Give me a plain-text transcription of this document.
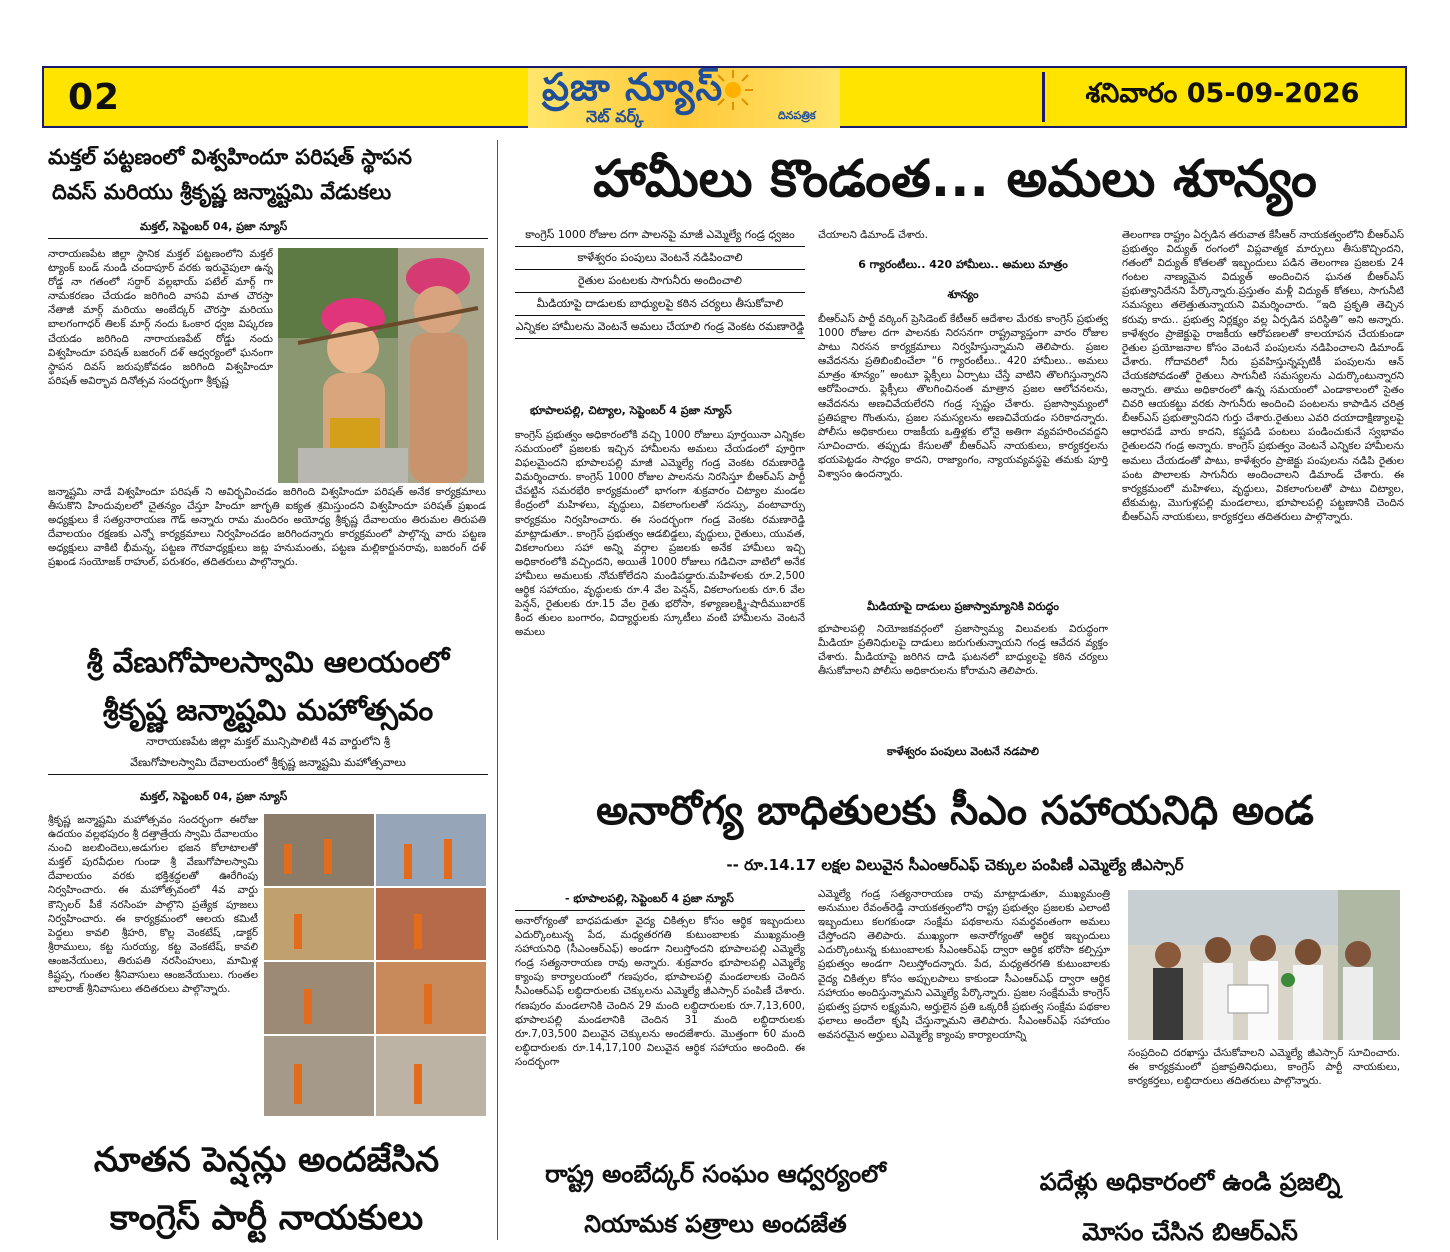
02	ప్రజా న్యూస్
నెట్ వర్క్	దినపత్రిక
శనివారం 05-09-2026
మక్తల్ పట్టణంలో విశ్వహిందూ పరిషత్ స్థాపన
దివస్ మరియు శ్రీకృష్ణ జన్మాష్టమి వేడుకలు
మక్తల్, సెప్టెంబర్ 04, ప్రజా న్యూస్
నారాయణపేట జిల్లా స్థానిక మక్తల్ పట్టణంలోని మక్తల్ ట్యాంక్ బండ్ నుండి చందాపూర్ వరకు ఇరువైపులా ఉన్న రోడ్డ నా గతంలో సర్దార్ వల్లభాయ్ పటేల్ మార్గ్ గా నామకరణం చేయడం జరిగింది వాసవి మాత చౌరస్తా నేతాజీ మార్గ్ మరియు అంబేద్కర్ చౌరస్తా మరియు బాలగంగాధర్ తిలక్ మార్గ్ నందు ఓంకార ధ్వజ విష్కరణ చేయడం జరిగింది నారాయణపేట్ రోడ్డు నందు విశ్వహిందూ పరిషత్ బజరంగ్ దళ్ ఆధ్వర్యంలో ఘనంగా స్థాపన దివస్ జరుపుకోవడం జరిగింది విశ్వహిందూ పరిషత్ అవిర్భావ దినోత్సవ సందర్భంగా శ్రీకృష్ణ
జన్మాష్టమి నాడే విశ్వహిందూ పరిషత్ ని అవిర్భవించడం జరిగింది విశ్వహిందూ పరిషత్ అనేక కార్యక్రమాలు తీసుకొని హిందువులలో చైతన్యం చేస్తూ హిందూ జాగృతి ఐక్యత శ్రమిస్తుందని విశ్వహిందూ పరిషత్ ప్రఖండ అధ్యక్షులు కే సత్యనారాయణ గౌడ్ అన్నారు రామ మందిరం అయోధ్య శ్రీకృష్ణ దేవాలయం తిరుమల తిరుపతి దేవాలయం రక్షణకు ఎన్నో కార్యక్రమాలు నిర్వహించడం జరిగిందన్నారు కార్యక్రమంలో పాల్గొన్న వారు పట్టణ అధ్యక్షులు వాకిటి భీమన్న, పట్టణ గౌరవాధ్యక్షులు జట్ల హనుమంతు, పట్టణ మల్లికార్జునరావు, బజరంగ్ దళ్ ప్రఖండ సంయోజక్ రాహుల్, పరుశరం, తదితరులు పాల్గొన్నారు.
శ్రీ వేణుగోపాలస్వామి ఆలయంలో
శ్రీకృష్ణ జన్మాష్టమి మహోత్సవం
నారాయణపేట జిల్లా మక్తల్ మున్సిపాలిటీ 4వ వార్డులోని శ్రీ
వేణుగోపాలస్వామి దేవాలయంలో శ్రీకృష్ణ జన్మాష్టమి మహోత్సవాలు
మక్తల్, సెప్టెంబర్ 04, ప్రజా న్యూస్
శ్రీకృష్ణ జన్మాష్టమి మహోత్సవం సందర్భంగా ఈరోజు ఉదయం వల్లభపురం శ్రీ దత్తాత్రేయ స్వామి దేవాలయం నుంచి జలబిందెలు,అడుగుల భజన కోలాటాలతో మక్తల్ పురవీధుల గుండా శ్రీ వేణుగోపాలస్వామి దేవాలయం వరకు భక్తిశ్రద్ధలతో ఊరేగింపు నిర్వహించారు. ఈ మహోత్సవంలో 4వ వార్డు కౌన్సిలర్ పీకే నరసింహ పాల్గొని ప్రత్యేక పూజలు నిర్వహించారు. ఈ కార్యక్రమంలో ఆలయ కమిటీ పెద్దలు కావలి శ్రీహరి, కొల్ల వెంకటేష్ ,డాక్టర్ శ్రీరాములు, కట్ట సురయ్య, కట్ట వెంకటేష్, కావలి ఆంజనేయులు, తిరుపతి నరసింహులు, మామిళ్ల కిష్టప్ప, గుంతల శ్రీనివాసులు ఆంజనేయులు. గుంతల బాలరాజ్ శ్రీనివాసులు తదితరులు పాల్గొన్నారు.
నూతన పెన్షన్లు అందజేసిన
కాంగ్రెస్ పార్టీ నాయకులు
హామీలు కొండంత... అమలు శూన్యం
కాంగ్రెస్ 1000 రోజుల దగా పాలనపై మాజీ ఎమ్మెల్యే గండ్ర ధ్వజం
కాళేశ్వరం పంపులు వెంటనే నడిపించాలి
రైతుల పంటలకు సాగునీరు అందించాలి
మీడియాపై దాడులకు బాధ్యులపై కఠిన చర్యలు తీసుకోవాలి
ఎన్నికల హామీలను వెంటనే అమలు చేయాలి గండ్ర వెంకట రమణారెడ్డి
భూపాలపల్లి, చిట్యాల, సెప్టెంబర్ 4 ప్రజా న్యూస్
కాంగ్రెస్ ప్రభుత్వం అధికారంలోకి వచ్చి 1000 రోజులు పూర్తయినా ఎన్నికల సమయంలో ప్రజలకు ఇచ్చిన హామీలను అమలు చేయడంలో పూర్తిగా విఫలమైందని భూపాలపల్లి మాజీ ఎమ్మెల్యే గండ్ర వెంకట రమణారెడ్డి విమర్శించారు. కాంగ్రెస్ 1000 రోజుల పాలనను నిరసిస్తూ బీఆర్ఎస్ పార్టీ చేపట్టిన సమరభేరి కార్యక్రమంలో భాగంగా శుక్రవారం చిట్యాల మండల కేంద్రంలో మహిళలు, వృద్ధులు, వికలాంగులతో సదస్సు, వంటావార్పు కార్యక్రమం నిర్వహించారు. ఈ సందర్భంగా గండ్ర వెంకట రమణారెడ్డి మాట్లాడుతూ.. కాంగ్రెస్ ప్రభుత్వం ఆడబిడ్డలు, వృద్ధులు, రైతులు, యువత, వికలాంగులు సహా అన్ని వర్గాల ప్రజలకు అనేక హామీలు ఇచ్చి అధికారంలోకి వచ్చిందని, అయితే 1000 రోజులు గడిచినా వాటిలో అనేక హామీలు అమలుకు నోచుకోలేదని మండిపడ్డారు.మహిళలకు రూ.2,500 ఆర్థిక సహాయం, వృద్ధులకు రూ.4 వేల పెన్షన్, వికలాంగులకు రూ.6 వేల పెన్షన్, రైతులకు రూ.15 వేల రైతు భరోసా, కళ్యాణలక్ష్మి-షాదీముబారక్ కింద తులం బంగారం, విద్యార్థులకు స్కూటీలు వంటి హామీలను వెంటనే అమలు
చేయాలని డిమాండ్ చేశారు.
6 గ్యారంటీలు.. 420 హామీలు.. అమలు మాత్రం
శూన్యం
బీఆర్ఎస్ పార్టీ వర్కింగ్ ప్రెసిడెంట్ కేటీఆర్ ఆదేశాల మేరకు కాంగ్రెస్ ప్రభుత్వ 1000 రోజుల దగా పాలనకు నిరసనగా రాష్ట్రవ్యాప్తంగా వారం రోజుల పాటు నిరసన కార్యక్రమాలు నిర్వహిస్తున్నామని తెలిపారు. ప్రజల ఆవేదనను ప్రతిబింబించేలా “6 గ్యారంటీలు.. 420 హామీలు.. అమలు మాత్రం శూన్యం” అంటూ ఫ్లెక్సీలు ఏర్పాటు చేస్తే వాటిని తొలగిస్తున్నారని ఆరోపించారు. ఫ్లెక్సీలు తొలగించినంత మాత్రాన ప్రజల ఆలోచనలను, ఆవేదనను అణచివేయలేరని గండ్ర స్పష్టం చేశారు. ప్రజాస్వామ్యంలో ప్రతిపక్షాల గొంతును, ప్రజల సమస్యలను అణచివేయడం సరికాదన్నారు. పోలీసు అధికారులు రాజకీయ ఒత్తిళ్లకు లోనై అతిగా వ్యవహరించవద్దని సూచించారు. తప్పుడు కేసులతో బీఆర్ఎస్ నాయకులు, కార్యకర్తలను భయపెట్టడం సాధ్యం కాదని, రాజ్యాంగం, న్యాయవ్యవస్థపై తమకు పూర్తి విశ్వాసం ఉందన్నారు.
మీడియాపై దాడులు ప్రజాస్వామ్యానికి విరుద్ధం
భూపాలపల్లి నియోజకవర్గంలో ప్రజాస్వామ్య విలువలకు విరుద్ధంగా మీడియా ప్రతినిధులపై దాడులు జరుగుతున్నాయని గండ్ర ఆవేదన వ్యక్తం చేశారు. మీడియాపై జరిగిన దాడి ఘటనలో బాధ్యులపై కఠిన చర్యలు తీసుకోవాలని పోలీసు అధికారులను కోరామని తెలిపారు.
కాళేశ్వరం పంపులు వెంటనే నడపాలి
తెలంగాణ రాష్ట్రం ఏర్పడిన తరువాత కేసీఆర్ నాయకత్వంలోని బీఆర్ఎస్ ప్రభుత్వం విద్యుత్ రంగంలో విప్లవాత్మక మార్పులు తీసుకొచ్చిందని, గతంలో విద్యుత్ కోతలతో ఇబ్బందులు పడిన తెలంగాణ ప్రజలకు 24 గంటల నాణ్యమైన విద్యుత్ అందించిన ఘనత బీఆర్ఎస్ ప్రభుత్వానిదేనని పేర్కొన్నారు.ప్రస్తుతం మళ్లీ విద్యుత్ కోతలు, సాగునీటి సమస్యలు తలెత్తుతున్నాయని విమర్శించారు. “ఇది ప్రకృతి తెచ్చిన కరువు కాదు.. ప్రభుత్వ నిర్లక్ష్యం వల్ల ఏర్పడిన పరిస్థితి” అని అన్నారు. కాళేశ్వరం ప్రాజెక్టుపై రాజకీయ ఆరోపణలతో కాలయాపన చేయకుండా రైతుల ప్రయోజనాల కోసం వెంటనే పంపులను నడిపించాలని డిమాండ్ చేశారు. గోదావరిలో నీరు ప్రవహిస్తున్నప్పటికీ పంపులను ఆన్ చేయకపోవడంతో రైతులు సాగునీటి సమస్యలను ఎదుర్కొంటున్నారని అన్నారు. తాము అధికారంలో ఉన్న సమయంలో ఎండాకాలంలో సైతం చివరి ఆయకట్టు వరకు సాగునీరు అందించి పంటలను కాపాడిన చరిత్ర బీఆర్ఎస్ ప్రభుత్వానిదని గుర్తు చేశారు.రైతులు ఎవరి దయాదాక్షిణ్యాలపై ఆధారపడే వారు కాదని, కష్టపడి పంటలు పండించుకునే స్వభావం రైతులదని గండ్ర అన్నారు. కాంగ్రెస్ ప్రభుత్వం వెంటనే ఎన్నికల హామీలను అమలు చేయడంతో పాటు, కాళేశ్వరం ప్రాజెక్టు పంపులను నడిపి రైతుల పంట పొలాలకు సాగునీరు అందించాలని డిమాండ్ చేశారు. ఈ కార్యక్రమంలో మహిళలు, వృద్ధులు, వికలాంగులతో పాటు చిట్యాల, టేకుమట్ల, మొగుళ్లపల్లి మండలాలు, భూపాలపల్లి పట్టణానికి చెందిన బీఆర్ఎస్ నాయకులు, కార్యకర్తలు తదితరులు పాల్గొన్నారు.
అనారోగ్య బాధితులకు సీఎం సహాయనిధి అండ
-- రూ.14.17 లక్షల విలువైన సీఎంఆర్ఎఫ్ చెక్కుల పంపిణీ ఎమ్మెల్యే జీఎస్సార్
- భూపాలపల్లి, సెప్టెంబర్ 4 ప్రజా న్యూస్
అనారోగ్యంతో బాధపడుతూ వైద్య చికిత్సల కోసం ఆర్థిక ఇబ్బందులు ఎదుర్కొంటున్న పేద, మధ్యతరగతి కుటుంబాలకు ముఖ్యమంత్రి సహాయనిధి (సీఎంఆర్ఎఫ్) అండగా నిలుస్తోందని భూపాలపల్లి ఎమ్మెల్యే గండ్ర సత్యనారాయణ రావు అన్నారు. శుక్రవారం భూపాలపల్లి ఎమ్మెల్యే క్యాంపు కార్యాలయంలో గణపురం, భూపాలపల్లి మండలాలకు చెందిన సీఎంఆర్ఎఫ్ లబ్ధిదారులకు చెక్కులను ఎమ్మెల్యే జీఎస్సార్ పంపిణీ చేశారు. గణపురం మండలానికి చెందిన 29 మంది లబ్ధిదారులకు రూ.7,13,600, భూపాలపల్లి మండలానికి చెందిన 31 మంది లబ్ధిదారులకు రూ.7,03,500 విలువైన చెక్కులను అందజేశారు. మొత్తంగా 60 మంది లబ్ధిదారులకు రూ.14,17,100 విలువైన ఆర్థిక సహాయం అందింది. ఈ సందర్భంగా
ఎమ్మెల్యే గండ్ర సత్యనారాయణ రావు మాట్లాడుతూ, ముఖ్యమంత్రి అనుముల రేవంత్‌రెడ్డి నాయకత్వంలోని రాష్ట్ర ప్రభుత్వం ప్రజలకు ఎలాంటి ఇబ్బందులు కలగకుండా సంక్షేమ పథకాలను సమర్థవంతంగా అమలు చేస్తోందని తెలిపారు. ముఖ్యంగా అనారోగ్యంతో ఆర్థిక ఇబ్బందులు ఎదుర్కొంటున్న కుటుంబాలకు సీఎంఆర్ఎఫ్ ద్వారా ఆర్థిక భరోసా కల్పిస్తూ ప్రభుత్వం అండగా నిలుస్తోందన్నారు. పేద, మధ్యతరగతి కుటుంబాలకు వైద్య చికిత్సల కోసం అప్పులపాలు కాకుండా సీఎంఆర్ఎఫ్ ద్వారా ఆర్థిక సహాయం అందిస్తున్నామని ఎమ్మెల్యే పేర్కొన్నారు. ప్రజల సంక్షేమమే కాంగ్రెస్ ప్రభుత్వ ప్రధాన లక్ష్యమని, అర్హులైన ప్రతి ఒక్కరికీ ప్రభుత్వ సంక్షేమ పథకాల ఫలాలు అందేలా కృషి చేస్తున్నామని తెలిపారు. సీఎంఆర్ఎఫ్ సహాయం అవసరమైన అర్హులు ఎమ్మెల్యే క్యాంపు కార్యాలయాన్ని
సంప్రదించి దరఖాస్తు చేసుకోవాలని ఎమ్మెల్యే జీఎస్సార్ సూచించారు. ఈ కార్యక్రమంలో ప్రజాప్రతినిధులు, కాంగ్రెస్ పార్టీ నాయకులు, కార్యకర్తలు, లబ్ధిదారులు తదితరులు పాల్గొన్నారు.
రాష్ట్ర అంబేద్కర్ సంఘం ఆధ్వర్యంలో
నియామక పత్రాలు అందజేత
పదేళ్లు అధికారంలో ఉండి ప్రజల్ని
మోసం చేసిన బిఆర్ఎస్
